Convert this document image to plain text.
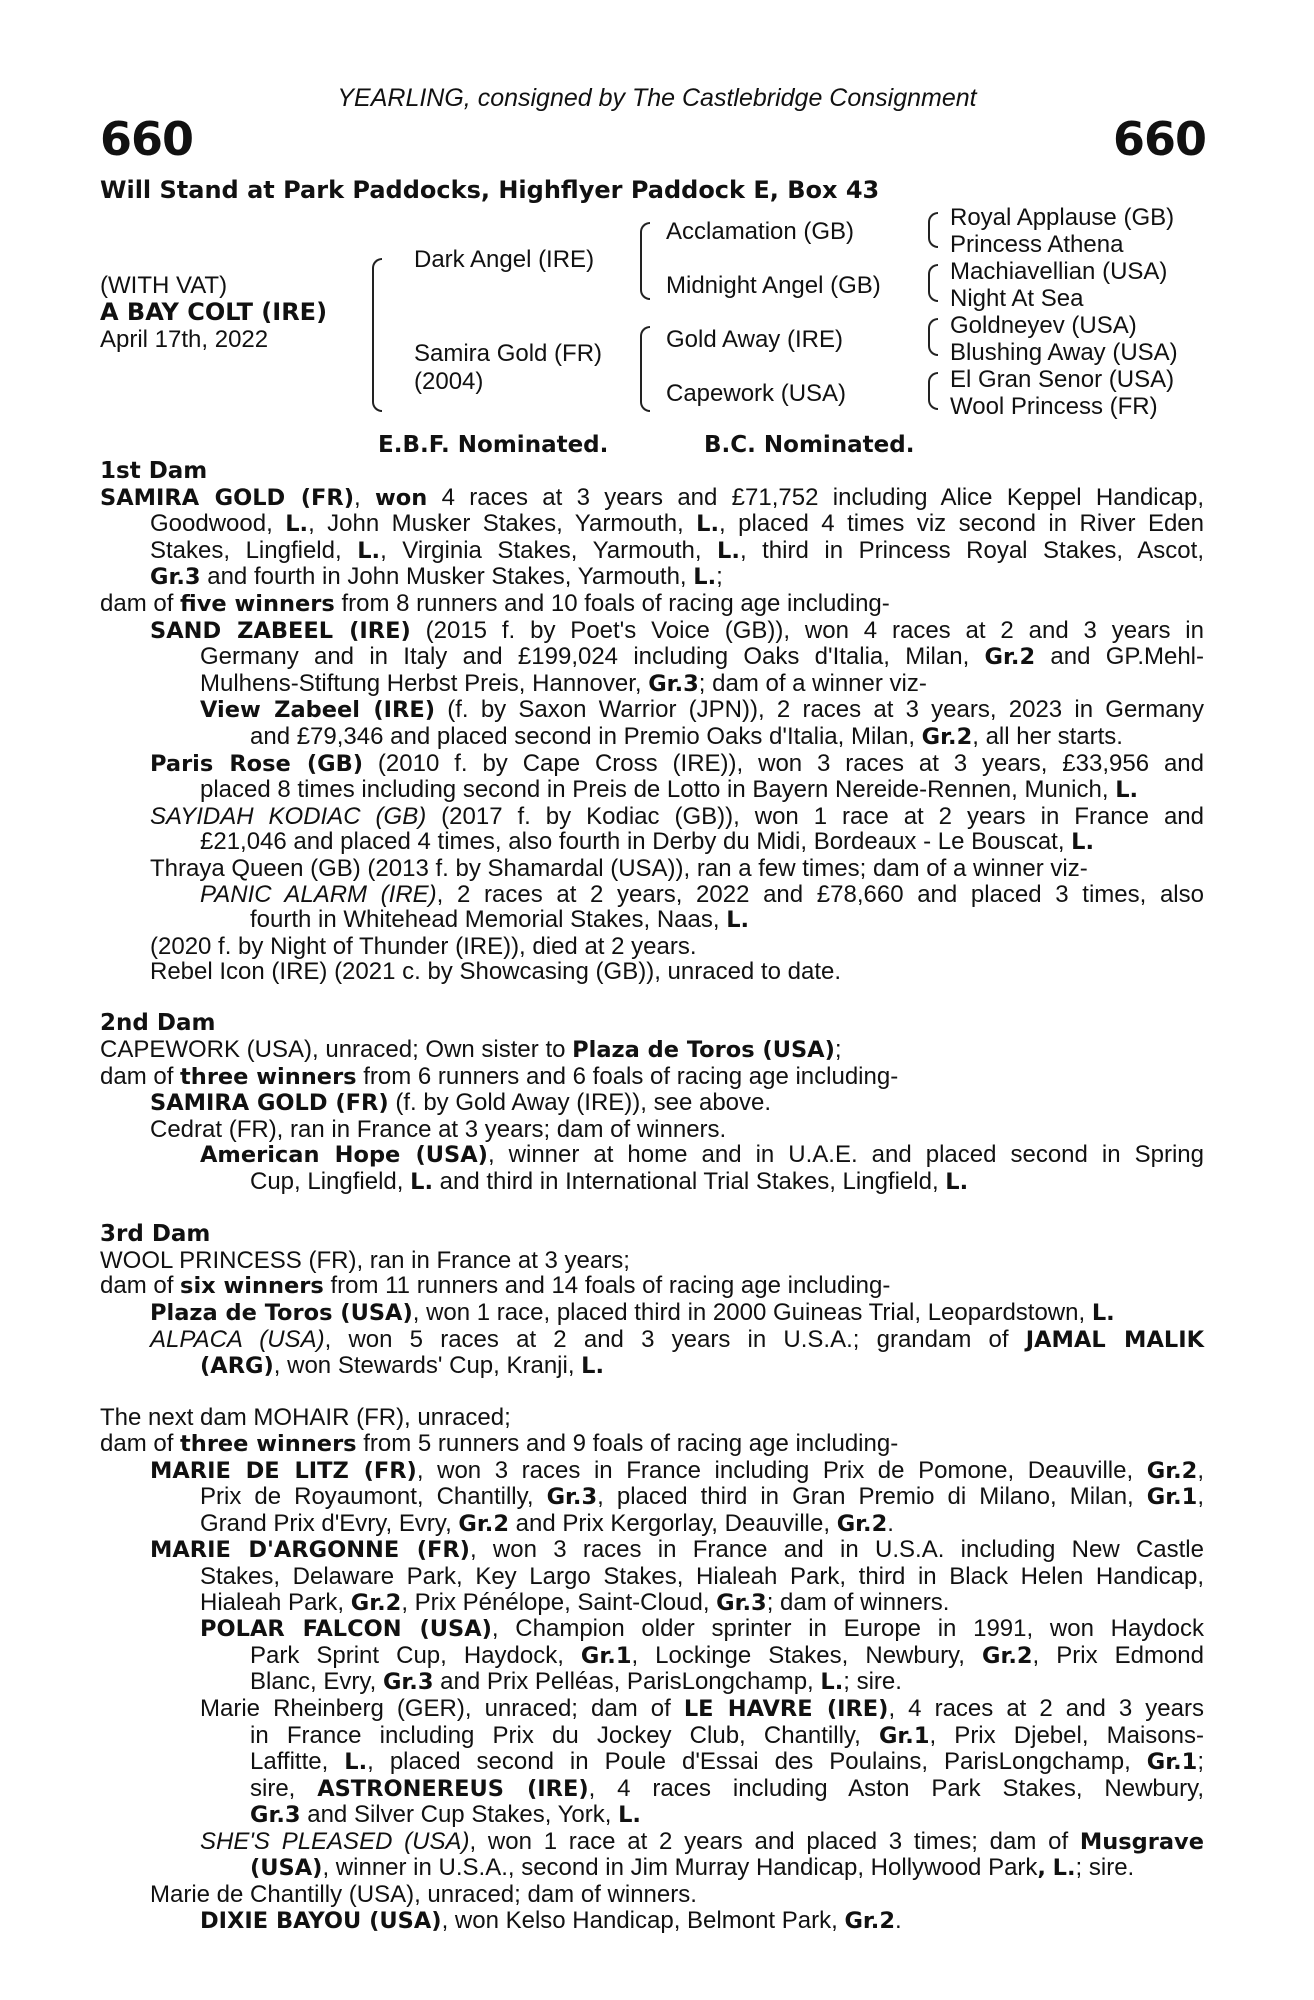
YEARLING, consigned by The Castlebridge Consignment
660	660
Will Stand at Park Paddocks, Highflyer Paddock E, Box 43
(WITH VAT)
A BAY COLT (IRE)
April 17th, 2022
Dark Angel (IRE)
Samira Gold (FR)
(2004)
Acclamation (GB)
Midnight Angel (GB)
Gold Away (IRE)
Capework (USA)
Royal Applause (GB)
Princess Athena
Machiavellian (USA)
Night At Sea
Goldneyev (USA)
Blushing Away (USA)
El Gran Senor (USA)
Wool Princess (FR)
E.B.F. Nominated.	B.C. Nominated.
1st Dam
SAMIRA GOLD (FR), won 4 races at 3 years and £71,752 including Alice Keppel Handicap,
Goodwood, L., John Musker Stakes, Yarmouth, L., placed 4 times viz second in River Eden
Stakes, Lingfield, L., Virginia Stakes, Yarmouth, L., third in Princess Royal Stakes, Ascot,
Gr.3 and fourth in John Musker Stakes, Yarmouth, L.;
dam of five winners from 8 runners and 10 foals of racing age including-
SAND ZABEEL (IRE) (2015 f. by Poet's Voice (GB)), won 4 races at 2 and 3 years in
Germany and in Italy and £199,024 including Oaks d'Italia, Milan, Gr.2 and GP.Mehl-
Mulhens-Stiftung Herbst Preis, Hannover, Gr.3; dam of a winner viz-
View Zabeel (IRE) (f. by Saxon Warrior (JPN)), 2 races at 3 years, 2023 in Germany
and £79,346 and placed second in Premio Oaks d'Italia, Milan, Gr.2, all her starts.
Paris Rose (GB) (2010 f. by Cape Cross (IRE)), won 3 races at 3 years, £33,956 and
placed 8 times including second in Preis de Lotto in Bayern Nereide-Rennen, Munich, L.
SAYIDAH KODIAC (GB) (2017 f. by Kodiac (GB)), won 1 race at 2 years in France and
£21,046 and placed 4 times, also fourth in Derby du Midi, Bordeaux - Le Bouscat, L.
Thraya Queen (GB) (2013 f. by Shamardal (USA)), ran a few times; dam of a winner viz-
PANIC ALARM (IRE), 2 races at 2 years, 2022 and £78,660 and placed 3 times, also
fourth in Whitehead Memorial Stakes, Naas, L.
(2020 f. by Night of Thunder (IRE)), died at 2 years.
Rebel Icon (IRE) (2021 c. by Showcasing (GB)), unraced to date.
2nd Dam
CAPEWORK (USA), unraced; Own sister to Plaza de Toros (USA);
dam of three winners from 6 runners and 6 foals of racing age including-
SAMIRA GOLD (FR) (f. by Gold Away (IRE)), see above.
Cedrat (FR), ran in France at 3 years; dam of winners.
American Hope (USA), winner at home and in U.A.E. and placed second in Spring
Cup, Lingfield, L. and third in International Trial Stakes, Lingfield, L.
3rd Dam
WOOL PRINCESS (FR), ran in France at 3 years;
dam of six winners from 11 runners and 14 foals of racing age including-
Plaza de Toros (USA), won 1 race, placed third in 2000 Guineas Trial, Leopardstown, L.
ALPACA (USA), won 5 races at 2 and 3 years in U.S.A.; grandam of JAMAL MALIK
(ARG), won Stewards' Cup, Kranji, L.
The next dam MOHAIR (FR), unraced;
dam of three winners from 5 runners and 9 foals of racing age including-
MARIE DE LITZ (FR), won 3 races in France including Prix de Pomone, Deauville, Gr.2,
Prix de Royaumont, Chantilly, Gr.3, placed third in Gran Premio di Milano, Milan, Gr.1,
Grand Prix d'Evry, Evry, Gr.2 and Prix Kergorlay, Deauville, Gr.2.
MARIE D'ARGONNE (FR), won 3 races in France and in U.S.A. including New Castle
Stakes, Delaware Park, Key Largo Stakes, Hialeah Park, third in Black Helen Handicap,
Hialeah Park, Gr.2, Prix Pénélope, Saint-Cloud, Gr.3; dam of winners.
POLAR FALCON (USA), Champion older sprinter in Europe in 1991, won Haydock
Park Sprint Cup, Haydock, Gr.1, Lockinge Stakes, Newbury, Gr.2, Prix Edmond
Blanc, Evry, Gr.3 and Prix Pelléas, ParisLongchamp, L.; sire.
Marie Rheinberg (GER), unraced; dam of LE HAVRE (IRE), 4 races at 2 and 3 years
in France including Prix du Jockey Club, Chantilly, Gr.1, Prix Djebel, Maisons-
Laffitte, L., placed second in Poule d'Essai des Poulains, ParisLongchamp, Gr.1;
sire, ASTRONEREUS (IRE), 4 races including Aston Park Stakes, Newbury,
Gr.3 and Silver Cup Stakes, York, L.
SHE'S PLEASED (USA), won 1 race at 2 years and placed 3 times; dam of Musgrave
(USA), winner in U.S.A., second in Jim Murray Handicap, Hollywood Park, L.; sire.
Marie de Chantilly (USA), unraced; dam of winners.
DIXIE BAYOU (USA), won Kelso Handicap, Belmont Park, Gr.2.
